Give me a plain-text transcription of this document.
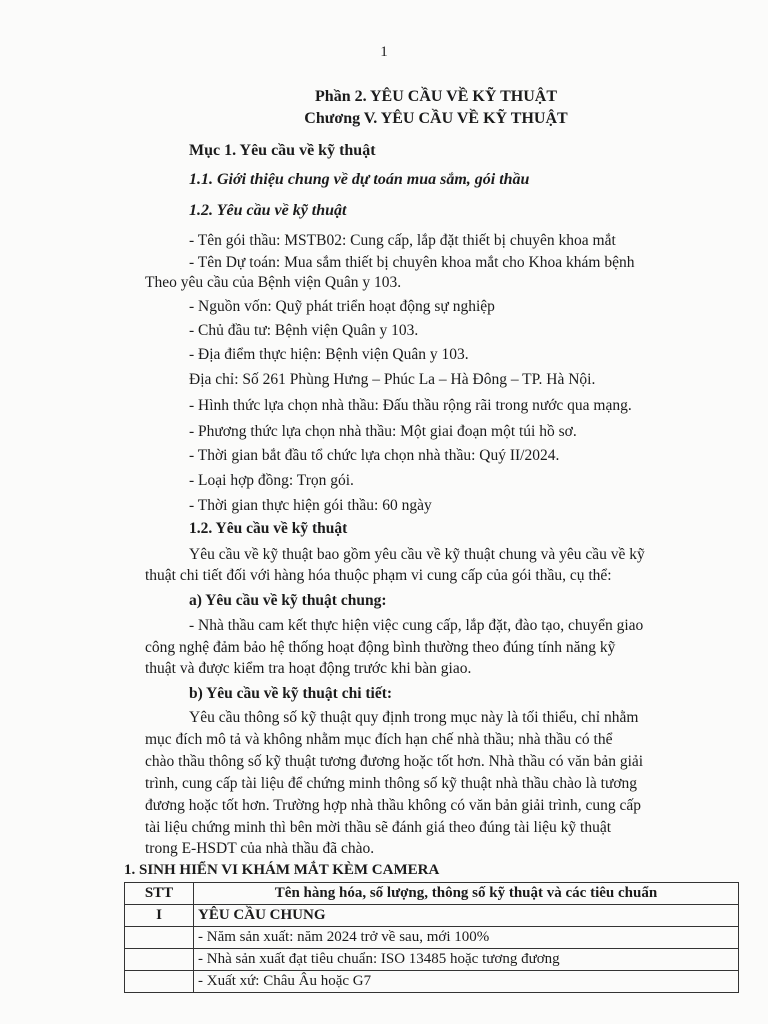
1
Phần 2. YÊU CẦU VỀ KỸ THUẬT
Chương V. YÊU CẦU VỀ KỸ THUẬT
Mục 1. Yêu cầu về kỹ thuật
1.1. Giới thiệu chung về dự toán mua sắm, gói thầu
1.2. Yêu cầu về kỹ thuật
- Tên gói thầu: MSTB02: Cung cấp, lắp đặt thiết bị chuyên khoa mắt
- Tên Dự toán: Mua sắm thiết bị chuyên khoa mắt cho Khoa khám bệnh
Theo yêu cầu của Bệnh viện Quân y 103.
- Nguồn vốn: Quỹ phát triển hoạt động sự nghiệp
- Chủ đầu tư: Bệnh viện Quân y 103.
- Địa điểm thực hiện: Bệnh viện Quân y 103.
Địa chỉ: Số 261 Phùng Hưng – Phúc La – Hà Đông – TP. Hà Nội.
- Hình thức lựa chọn nhà thầu: Đấu thầu rộng rãi trong nước qua mạng.
- Phương thức lựa chọn nhà thầu: Một giai đoạn một túi hồ sơ.
- Thời gian bắt đầu tổ chức lựa chọn nhà thầu: Quý II/2024.
- Loại hợp đồng: Trọn gói.
- Thời gian thực hiện gói thầu: 60 ngày
1.2. Yêu cầu về kỹ thuật
Yêu cầu về kỹ thuật bao gồm yêu cầu về kỹ thuật chung và yêu cầu về kỹ
thuật chi tiết đối với hàng hóa thuộc phạm vi cung cấp của gói thầu, cụ thể:
a) Yêu cầu về kỹ thuật chung:
- Nhà thầu cam kết thực hiện việc cung cấp, lắp đặt, đào tạo, chuyển giao
công nghệ đảm bảo hệ thống hoạt động bình thường theo đúng tính năng kỹ
thuật và được kiểm tra hoạt động trước khi bàn giao.
b) Yêu cầu về kỹ thuật chi tiết:
Yêu cầu thông số kỹ thuật quy định trong mục này là tối thiểu, chỉ nhằm
mục đích mô tả và không nhằm mục đích hạn chế nhà thầu; nhà thầu có thể
chào thầu thông số kỹ thuật tương đương hoặc tốt hơn. Nhà thầu có văn bản giải
trình, cung cấp tài liệu để chứng minh thông số kỹ thuật nhà thầu chào là tương
đương hoặc tốt hơn. Trường hợp nhà thầu không có văn bản giải trình, cung cấp
tài liệu chứng minh thì bên mời thầu sẽ đánh giá theo đúng tài liệu kỹ thuật
trong E-HSDT của nhà thầu đã chào.
1. SINH HIỂN VI KHÁM MẮT KÈM CAMERA
STT	Tên hàng hóa, số lượng, thông số kỹ thuật và các tiêu chuẩn
I	YÊU CẦU CHUNG
	- Năm sản xuất: năm 2024 trở về sau, mới 100%
	- Nhà sản xuất đạt tiêu chuẩn: ISO 13485 hoặc tương đương
	- Xuất xứ: Châu Âu hoặc G7
